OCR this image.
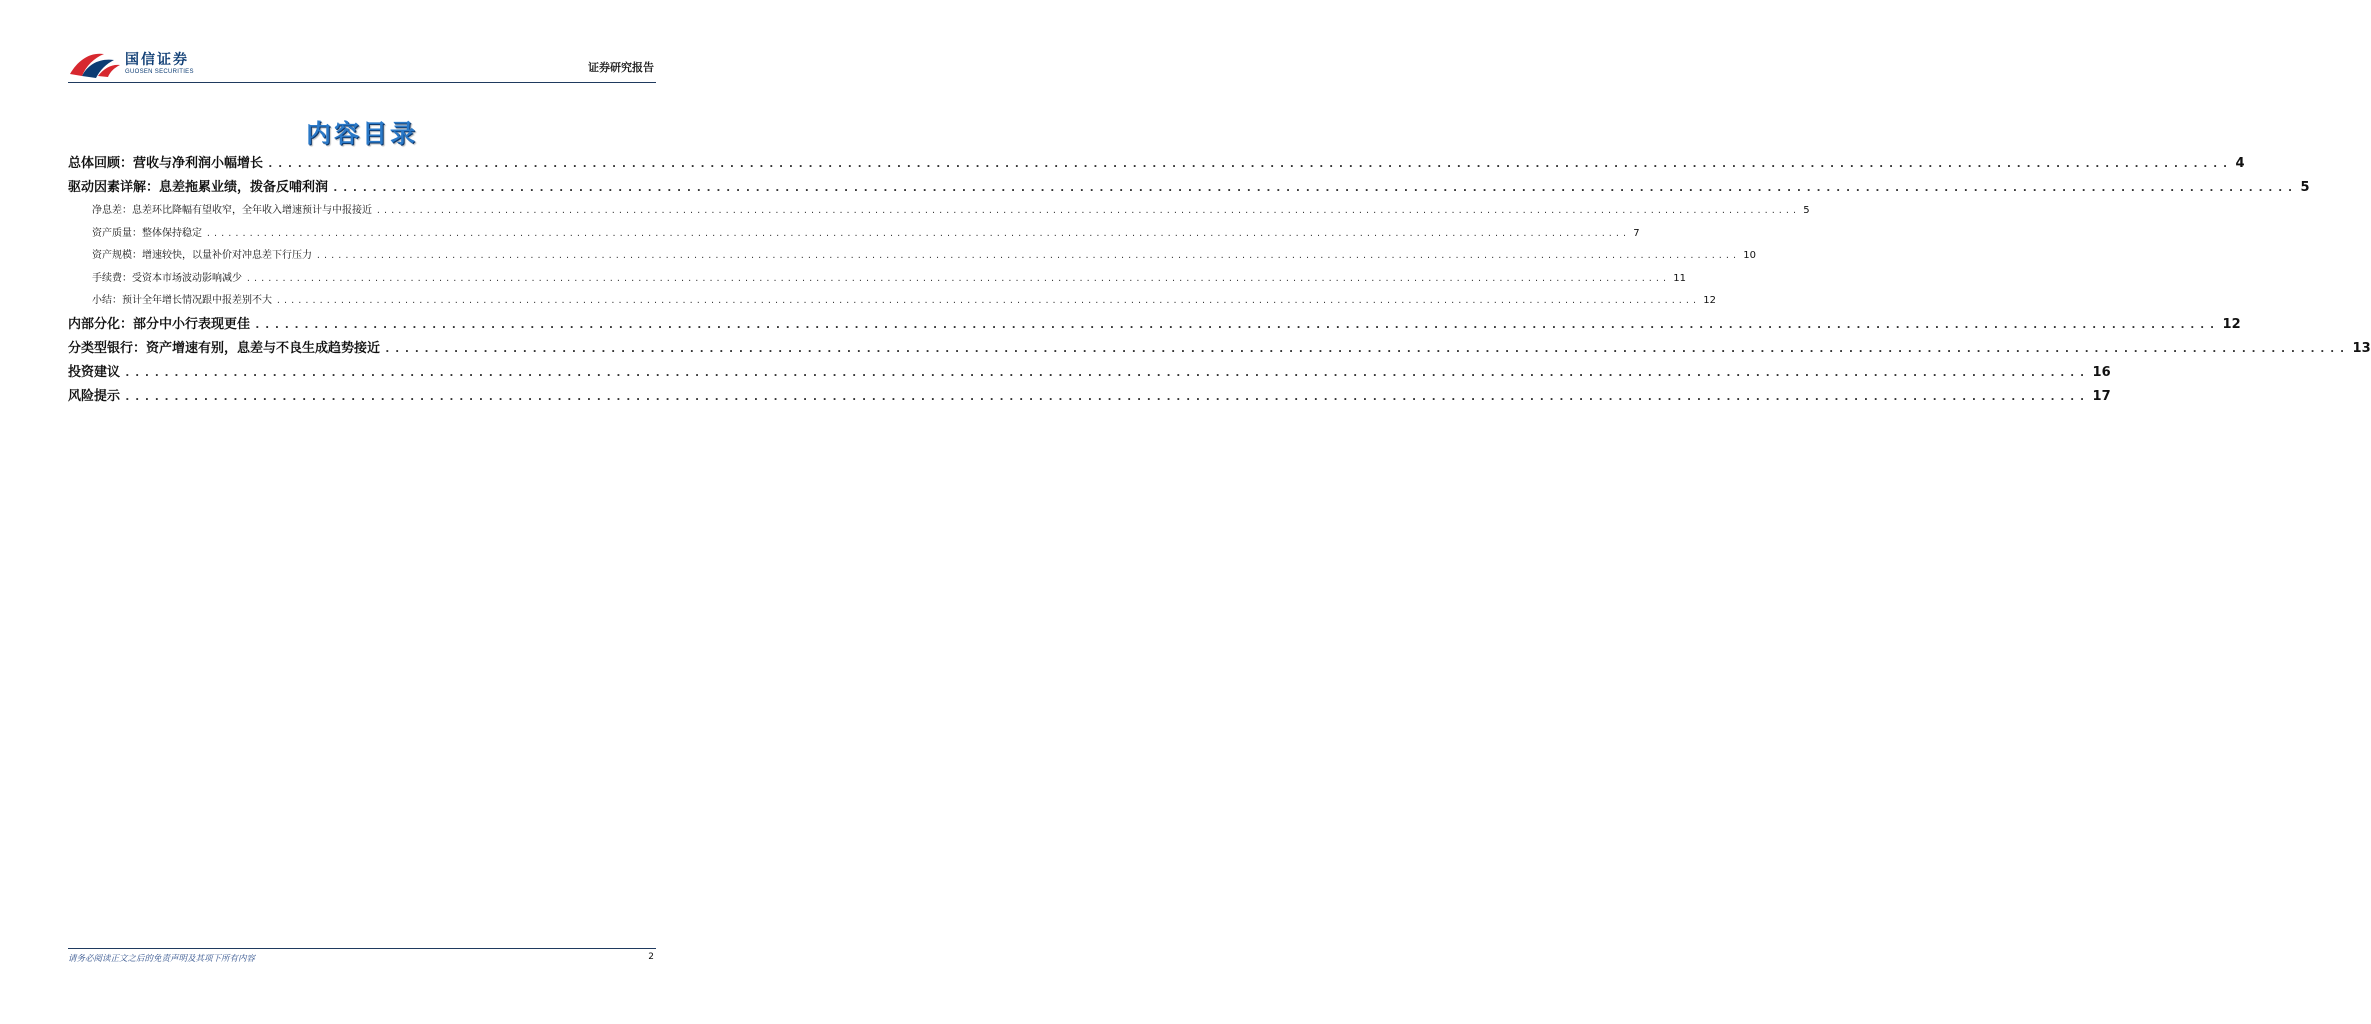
国信证券
GUOSEN SECURITIES	证券研究报告
内容目录
总体回顾：营收与净利润小幅增长 ........................................................................................................................................................................................................ 4
驱动因素详解：息差拖累业绩，拨备反哺利润 ........................................................................................................................................................................................................ 5
净息差：息差环比降幅有望收窄，全年收入增速预计与中报接近 ........................................................................................................................................................................................................ 5
资产质量：整体保持稳定 ........................................................................................................................................................................................................ 7
资产规模：增速较快，以量补价对冲息差下行压力 ........................................................................................................................................................................................................ 10
手续费：受资本市场波动影响减少 ........................................................................................................................................................................................................ 11
小结：预计全年增长情况跟中报差别不大 ........................................................................................................................................................................................................ 12
内部分化：部分中小行表现更佳 ........................................................................................................................................................................................................ 12
分类型银行：资产增速有别，息差与不良生成趋势接近 ........................................................................................................................................................................................................ 13
投资建议 ........................................................................................................................................................................................................ 16
风险提示 ........................................................................................................................................................................................................ 17
请务必阅读正文之后的免责声明及其项下所有内容	2
